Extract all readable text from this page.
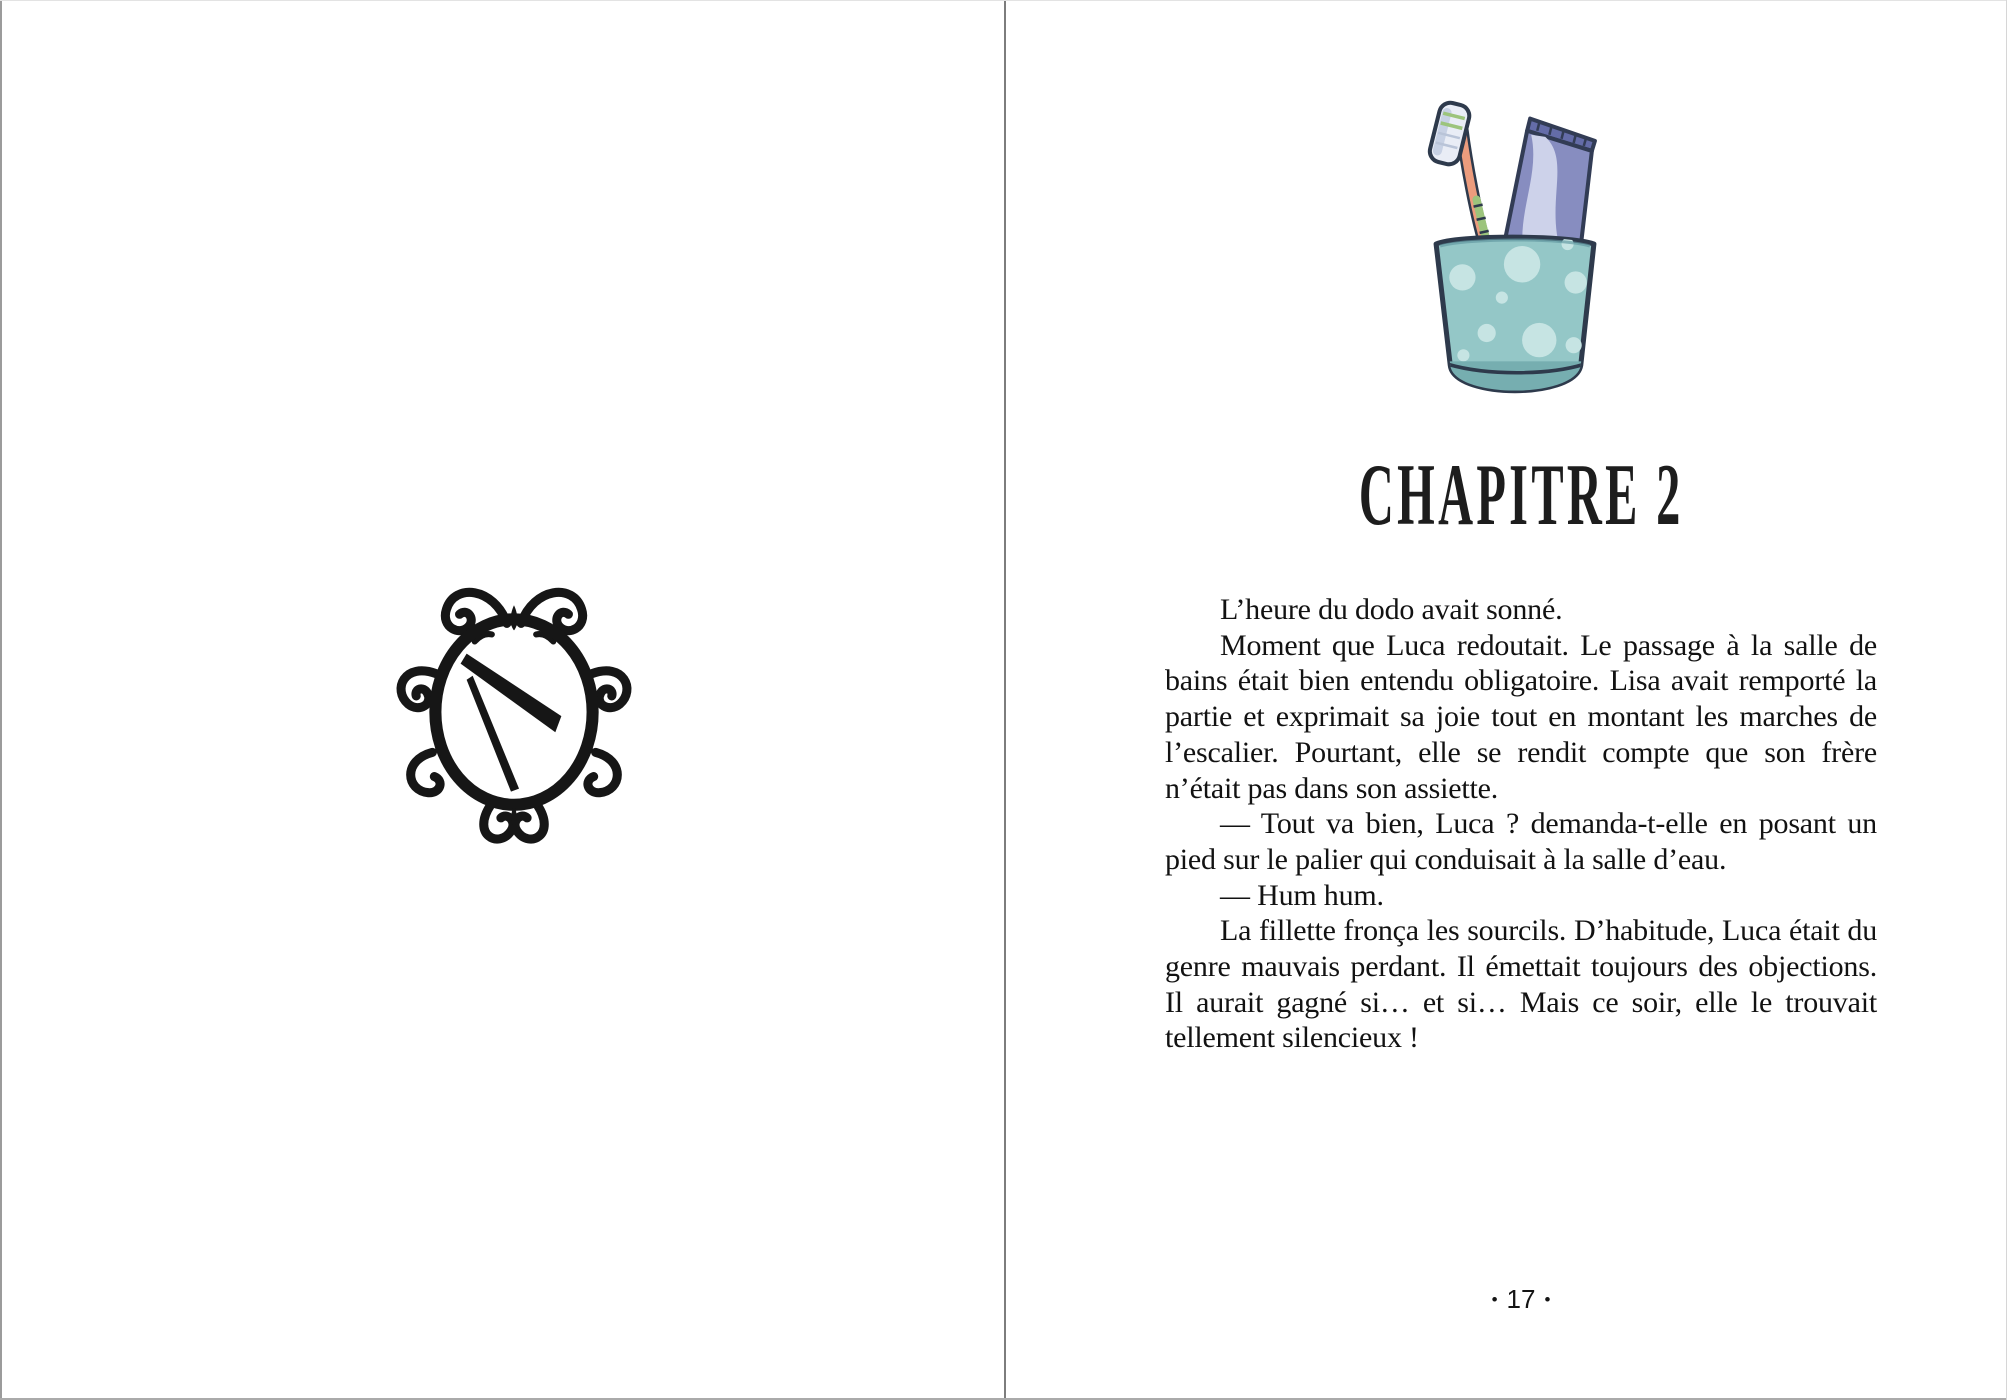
CHAPITRE 2

L’heure du dodo avait sonné.

Moment que Luca redoutait. Le passage à la salle de bains était bien entendu obligatoire. Lisa avait remporté la partie et exprimait sa joie tout en montant les marches de l’escalier. Pourtant, elle se rendit compte que son frère n’était pas dans son assiette.

— Tout va bien, Luca ? demanda-t-elle en posant un pied sur le palier qui conduisait à la salle d’eau.

— Hum hum.

La fillette fronça les sourcils. D’habitude, Luca était du genre mauvais perdant. Il émettait toujours des objections. Il aurait gagné si… et si… Mais ce soir, elle le trouvait tellement silencieux !

• 17 •
